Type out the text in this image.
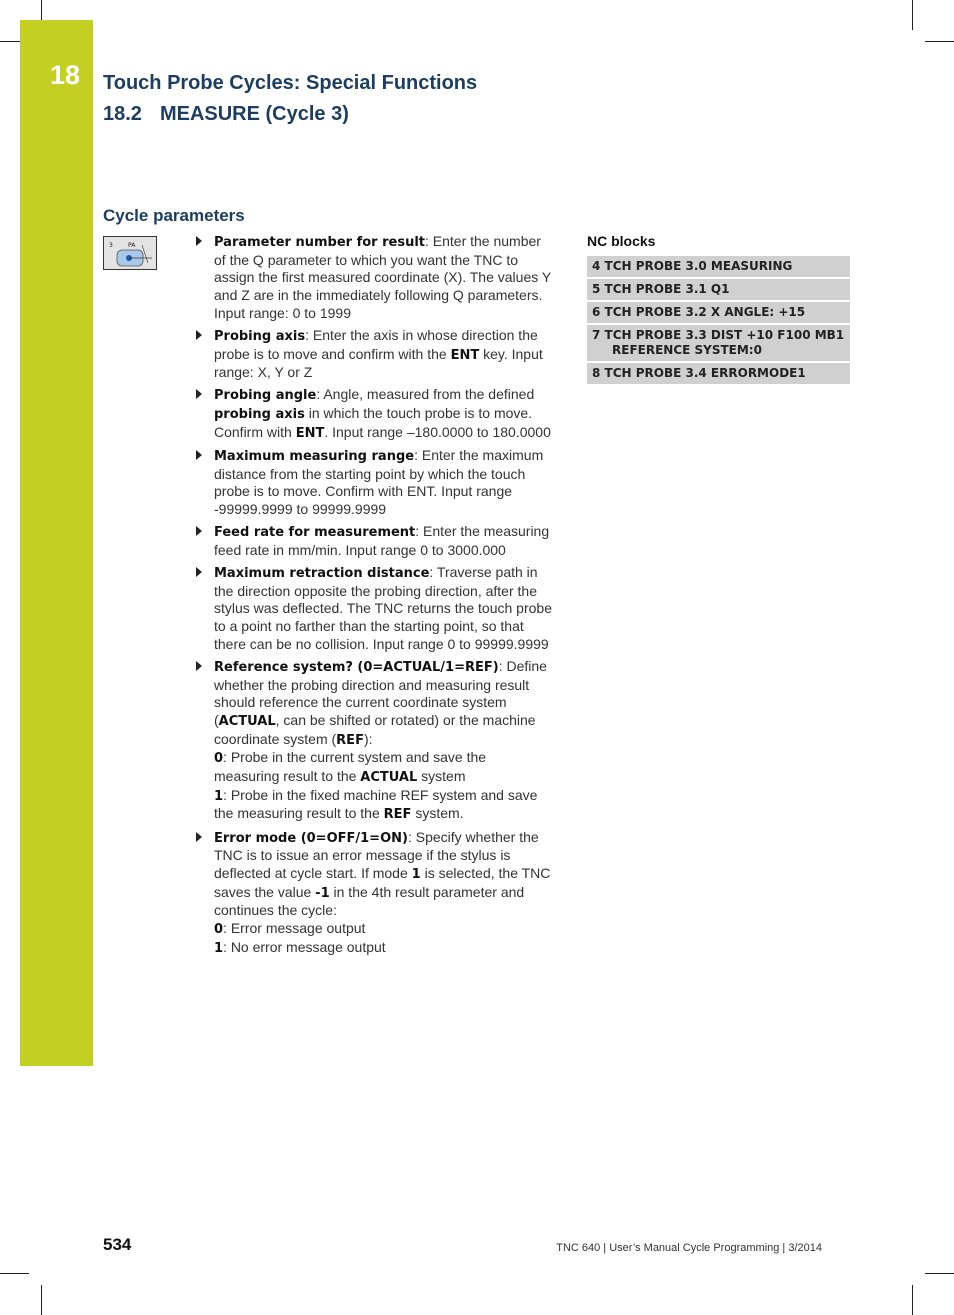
18 Touch Probe Cycles: Special Functions
18.2 MEASURE (Cycle 3)
Cycle parameters
3	PA	Parameter number for result: Enter the number of the Q parameter to which you want the TNC to assign the first measured coordinate (X). The values Y and Z are in the immediately following Q parameters. Input range: 0 to 1999
Probing axis: Enter the axis in whose direction the probe is to move and confirm with the ENT key. Input range: X, Y or Z
Probing angle: Angle, measured from the defined probing axis in which the touch probe is to move. Confirm with ENT. Input range –180.0000 to 180.0000
Maximum measuring range: Enter the maximum distance from the starting point by which the touch probe is to move. Confirm with ENT. Input range -99999.9999 to 99999.9999
Feed rate for measurement: Enter the measuring feed rate in mm/min. Input range 0 to 3000.000
Maximum retraction distance: Traverse path in the direction opposite the probing direction, after the stylus was deflected. The TNC returns the touch probe to a point no farther than the starting point, so that there can be no collision. Input range 0 to 99999.9999
Reference system? (0=ACTUAL/1=REF): Define whether the probing direction and measuring result should reference the current coordinate system (ACTUAL, can be shifted or rotated) or the machine coordinate system (REF):
0: Probe in the current system and save the measuring result to the ACTUAL system
1: Probe in the fixed machine REF system and save the measuring result to the REF system.
Error mode (0=OFF/1=ON): Specify whether the TNC is to issue an error message if the stylus is deflected at cycle start. If mode 1 is selected, the TNC saves the value -1 in the 4th result parameter and continues the cycle:
0: Error message output
1: No error message output
NC blocks
4 TCH PROBE 3.0 MEASURING
5 TCH PROBE 3.1 Q1
6 TCH PROBE 3.2 X ANGLE: +15
7 TCH PROBE 3.3 DIST +10 F100 MB1
REFERENCE SYSTEM:0
8 TCH PROBE 3.4 ERRORMODE1
534	TNC 640 | User’s Manual Cycle Programming | 3/2014
